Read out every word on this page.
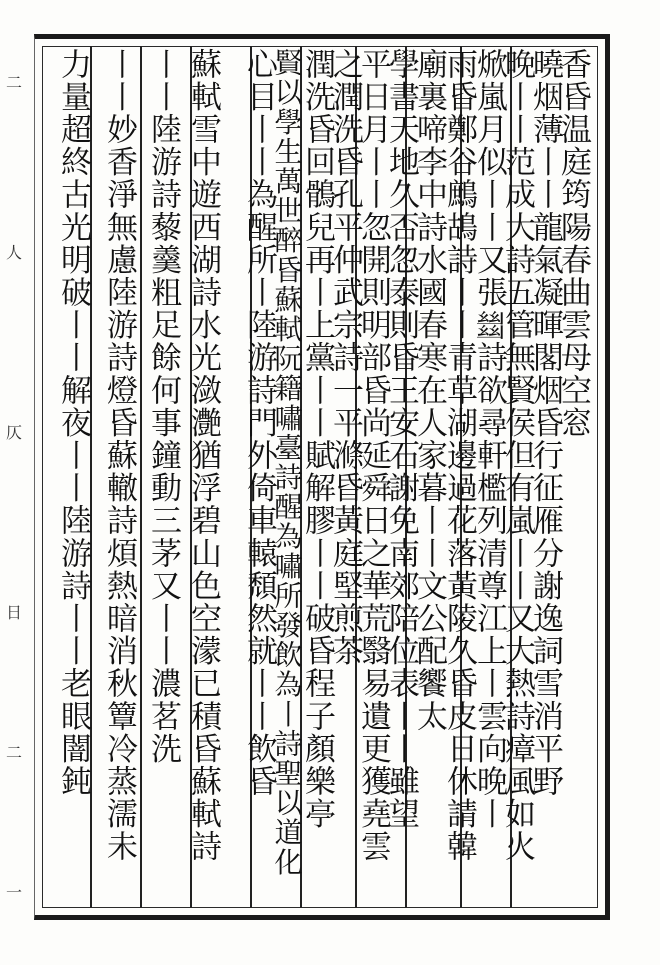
二
人
仄
日
二
一
香昏温庭筠陽春曲雲母空窓
曉烟薄丨丨龍氣凝暉閣烟昏行征雁分謝逸詞雪消平野
晚丨丨范成大詩五管無賢侯但有嵐丨丨又大熱詩瘴風如火
焮嵐月似丨丨又張𢇍詩欲尋軒檻列清尊江上丨雲向晚丨
雨昏鄭谷鷓鴣詩丨丨青草湖邊過花落黃陵久昏皮日休請韓
廟裏啼李中詩水國春寒在人家暮丨丨文公配饗太
學書天地久否忽泰則昏王安石謝免南郊陪位表丨丨雖望
平日月丨丨忽開則明部昏尚延舜日之華荒翳易遺更獲堯雲
之潤洗昏孔平仲武宗詩一平滌昏黃庭堅煎茶
潤洗昏回鶻兒再丨上黨丨丨賦解膠丨丨破昏程子顏樂亭
賢以學生萬世醉昏蘇軾阮籍嘯臺詩醒為嘯所發飲為丨詩聖以道化
心目丨丨為醒所丨陸游詩門外倚車轅頹然就丨丨飲昏
蘇軾雪中遊西湖詩水光潋灔猶浮碧山色空濛已積昏蘇軾詩
丨丨陸游詩藜羹粗足餘何事鐘動三茅又丨丨濃茗洗
丨丨妙香淨無慮陸游詩燈昏蘇轍詩煩熱暗消秋簟冷蒸濡未
力量超終古光明破丨丨解夜丨丨陸游詩丨丨老眼闇鈍
